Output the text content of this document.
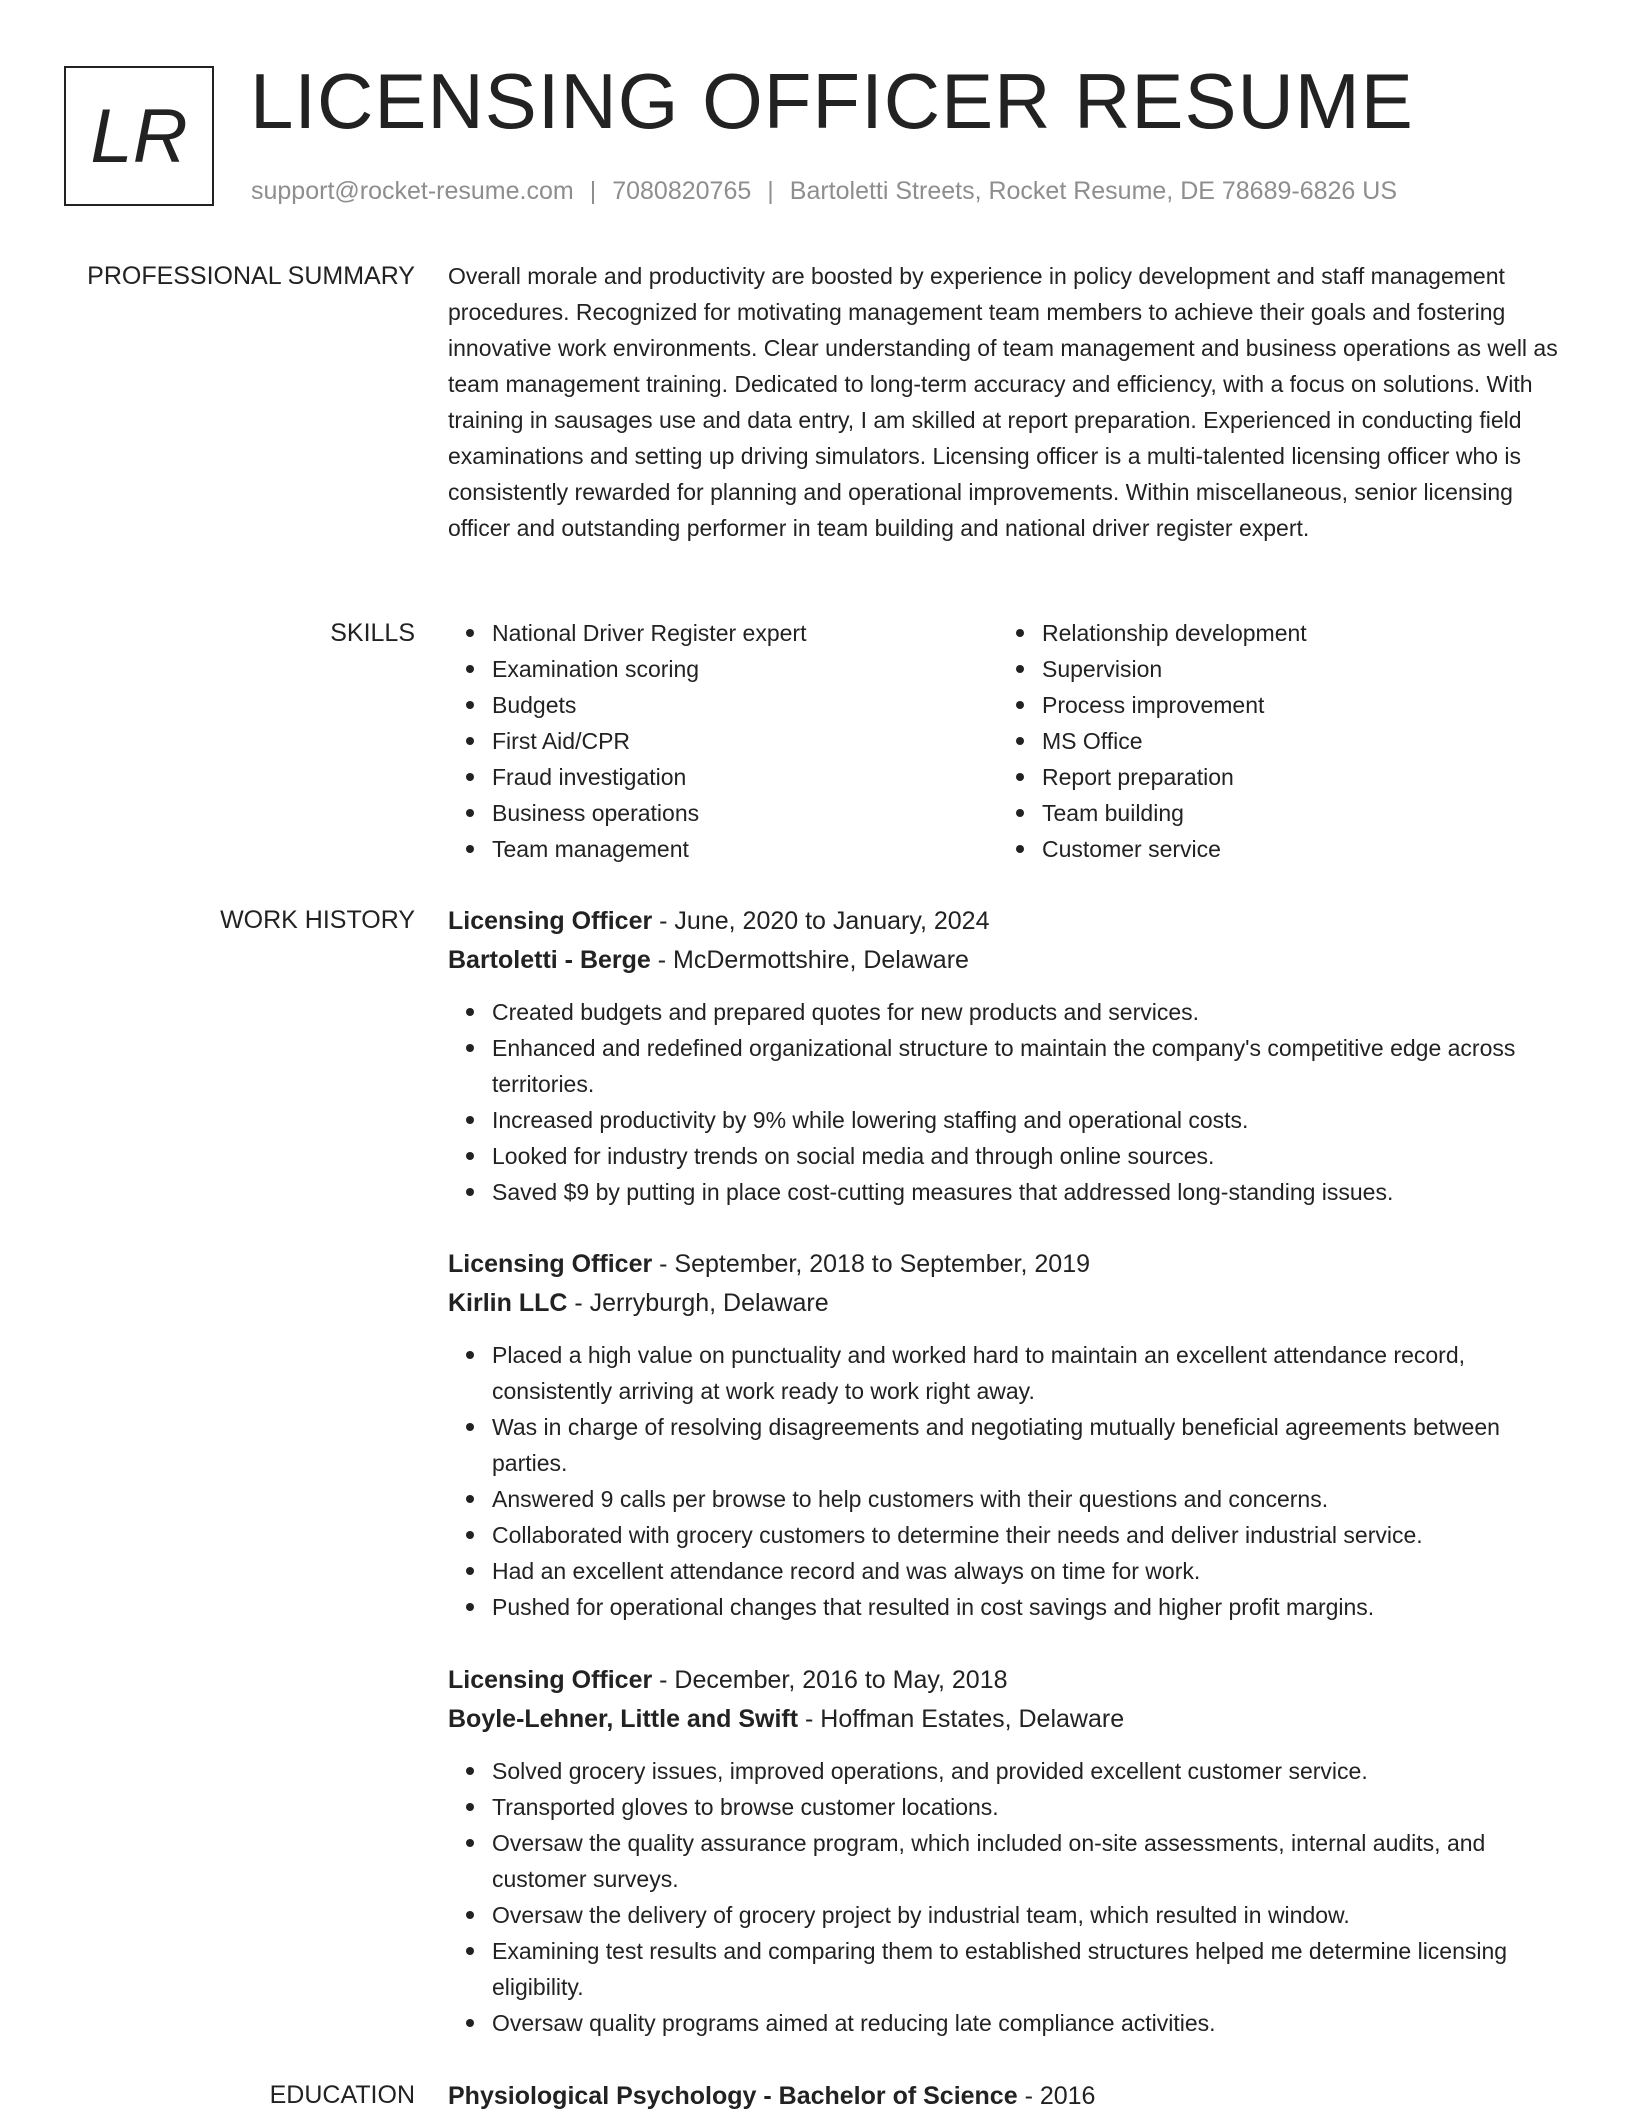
LR LICENSING OFFICER RESUME
support@rocket-resume.com | 7080820765 | Bartoletti Streets, Rocket Resume, DE 78689-6826 US
PROFESSIONAL SUMMARY Overall morale and productivity are boosted by experience in policy development and staff management procedures. Recognized for motivating management team members to achieve their goals and fostering innovative work environments. Clear understanding of team management and business operations as well as team management training. Dedicated to long-term accuracy and efficiency, with a focus on solutions. With training in sausages use and data entry, I am skilled at report preparation. Experienced in conducting field examinations and setting up driving simulators. Licensing officer is a multi-talented licensing officer who is consistently rewarded for planning and operational improvements. Within miscellaneous, senior licensing officer and outstanding performer in team building and national driver register expert.

SKILLS	National Driver Register expert
Examination scoring
Budgets
First Aid/CPR
Fraud investigation
Business operations
Team management
Relationship development
Supervision
Process improvement
MS Office
Report preparation
Team building
Customer service
WORK HISTORY Licensing Officer - June, 2020 to January, 2024
Bartoletti - Berge - McDermottshire, Delaware
Created budgets and prepared quotes for new products and services.
Enhanced and redefined organizational structure to maintain the company's competitive edge across territories.
Increased productivity by 9% while lowering staffing and operational costs.
Looked for industry trends on social media and through online sources.
Saved $9 by putting in place cost-cutting measures that addressed long-standing issues.
Licensing Officer - September, 2018 to September, 2019
Kirlin LLC - Jerryburgh, Delaware
Placed a high value on punctuality and worked hard to maintain an excellent attendance record, consistently arriving at work ready to work right away.
Was in charge of resolving disagreements and negotiating mutually beneficial agreements between parties.
Answered 9 calls per browse to help customers with their questions and concerns.
Collaborated with grocery customers to determine their needs and deliver industrial service.
Had an excellent attendance record and was always on time for work.
Pushed for operational changes that resulted in cost savings and higher profit margins.
Licensing Officer - December, 2016 to May, 2018
Boyle-Lehner, Little and Swift - Hoffman Estates, Delaware
Solved grocery issues, improved operations, and provided excellent customer service.
Transported gloves to browse customer locations.
Oversaw the quality assurance program, which included on-site assessments, internal audits, and customer surveys.
Oversaw the delivery of grocery project by industrial team, which resulted in window.
Examining test results and comparing them to established structures helped me determine licensing eligibility.
Oversaw quality programs aimed at reducing late compliance activities.
EDUCATION Physiological Psychology - Bachelor of Science - 2016
